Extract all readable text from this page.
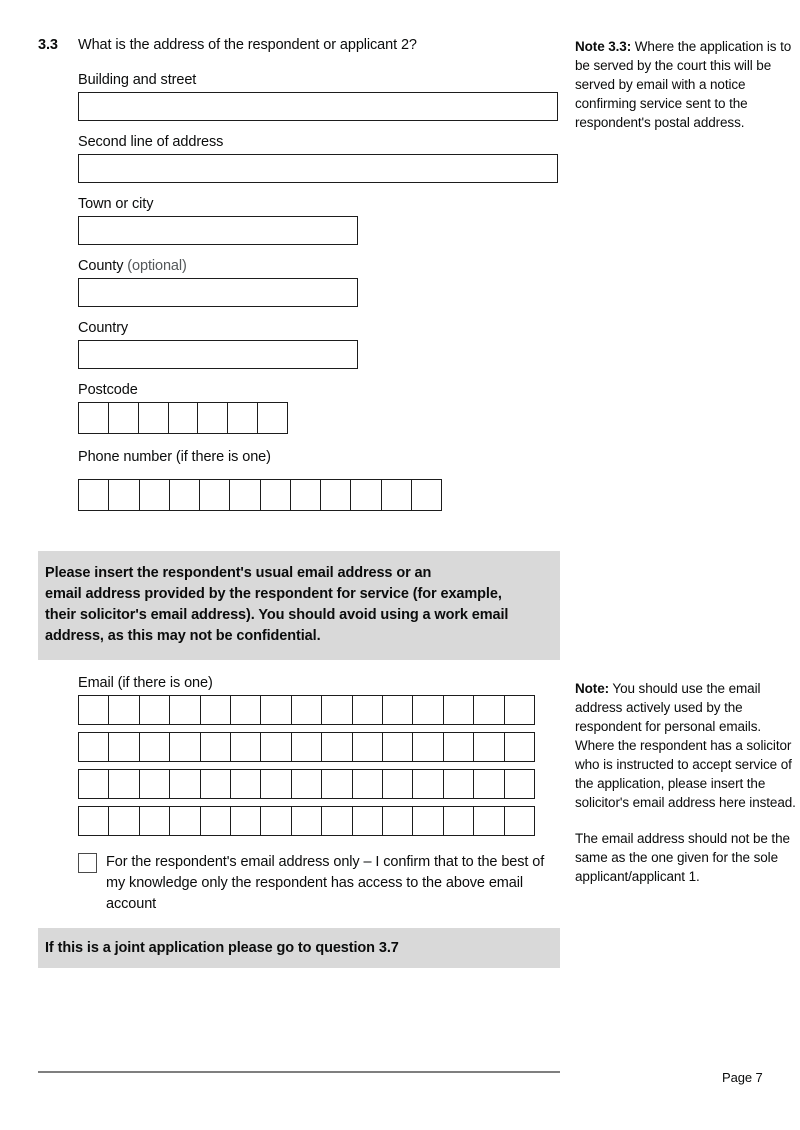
3.3	What is the address of the respondent or applicant 2?
Building and street
Second line of address
Town or city
County (optional)
Country
Postcode
Phone number (if there is one)
Please insert the respondent's usual email address or an
email address provided by the respondent for service (for example,
their solicitor's email address). You should avoid using a work email
address, as this may not be confidential.
Email (if there is one)
For the respondent's email address only – I confirm that to the best of my knowledge only the respondent has access to the above email account
If this is a joint application please go to question 3.7
Note 3.3: Where the application is to be served by the court this will be served by email with a notice confirming service sent to the respondent's postal address.

Note: You should use the email address actively used by the respondent for personal emails. Where the respondent has a solicitor who is instructed to accept service of the application, please insert the solicitor's email address here instead.

The email address should not be the same as the one given for the sole applicant/applicant 1.

Page 7
